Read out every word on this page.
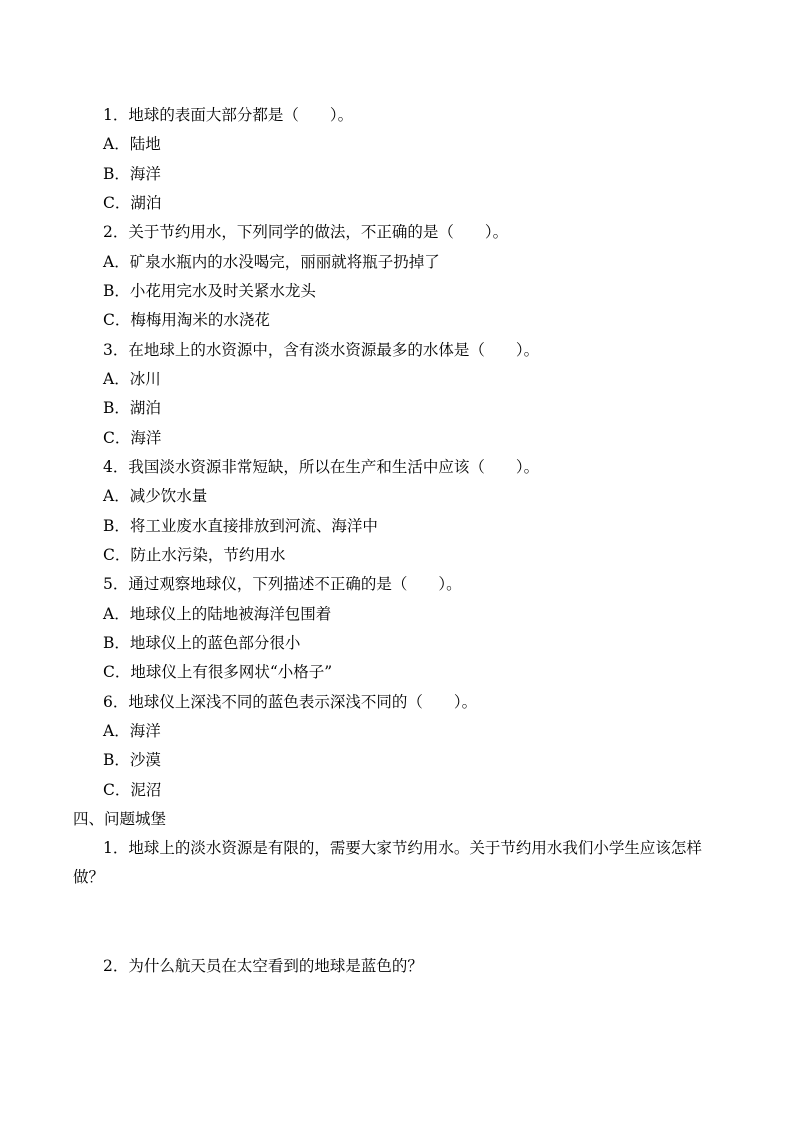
1．地球的表面大部分都是（　　）。
A．陆地
B．海洋
C．湖泊
2．关于节约用水，下列同学的做法，不正确的是（　　）。
A．矿泉水瓶内的水没喝完，丽丽就将瓶子扔掉了
B．小花用完水及时关紧水龙头
C．梅梅用淘米的水浇花
3．在地球上的水资源中，含有淡水资源最多的水体是（　　）。
A．冰川
B．湖泊
C．海洋
4．我国淡水资源非常短缺，所以在生产和生活中应该（　　）。
A．减少饮水量
B．将工业废水直接排放到河流、海洋中
C．防止水污染，节约用水
5．通过观察地球仪，下列描述不正确的是（　　）。
A．地球仪上的陆地被海洋包围着
B．地球仪上的蓝色部分很小
C．地球仪上有很多网状“小格子”
6．地球仪上深浅不同的蓝色表示深浅不同的（　　）。
A．海洋
B．沙漠
C．泥沼
四、问题城堡
1．地球上的淡水资源是有限的，需要大家节约用水。关于节约用水我们小学生应该怎样
做？
2．为什么航天员在太空看到的地球是蓝色的？
